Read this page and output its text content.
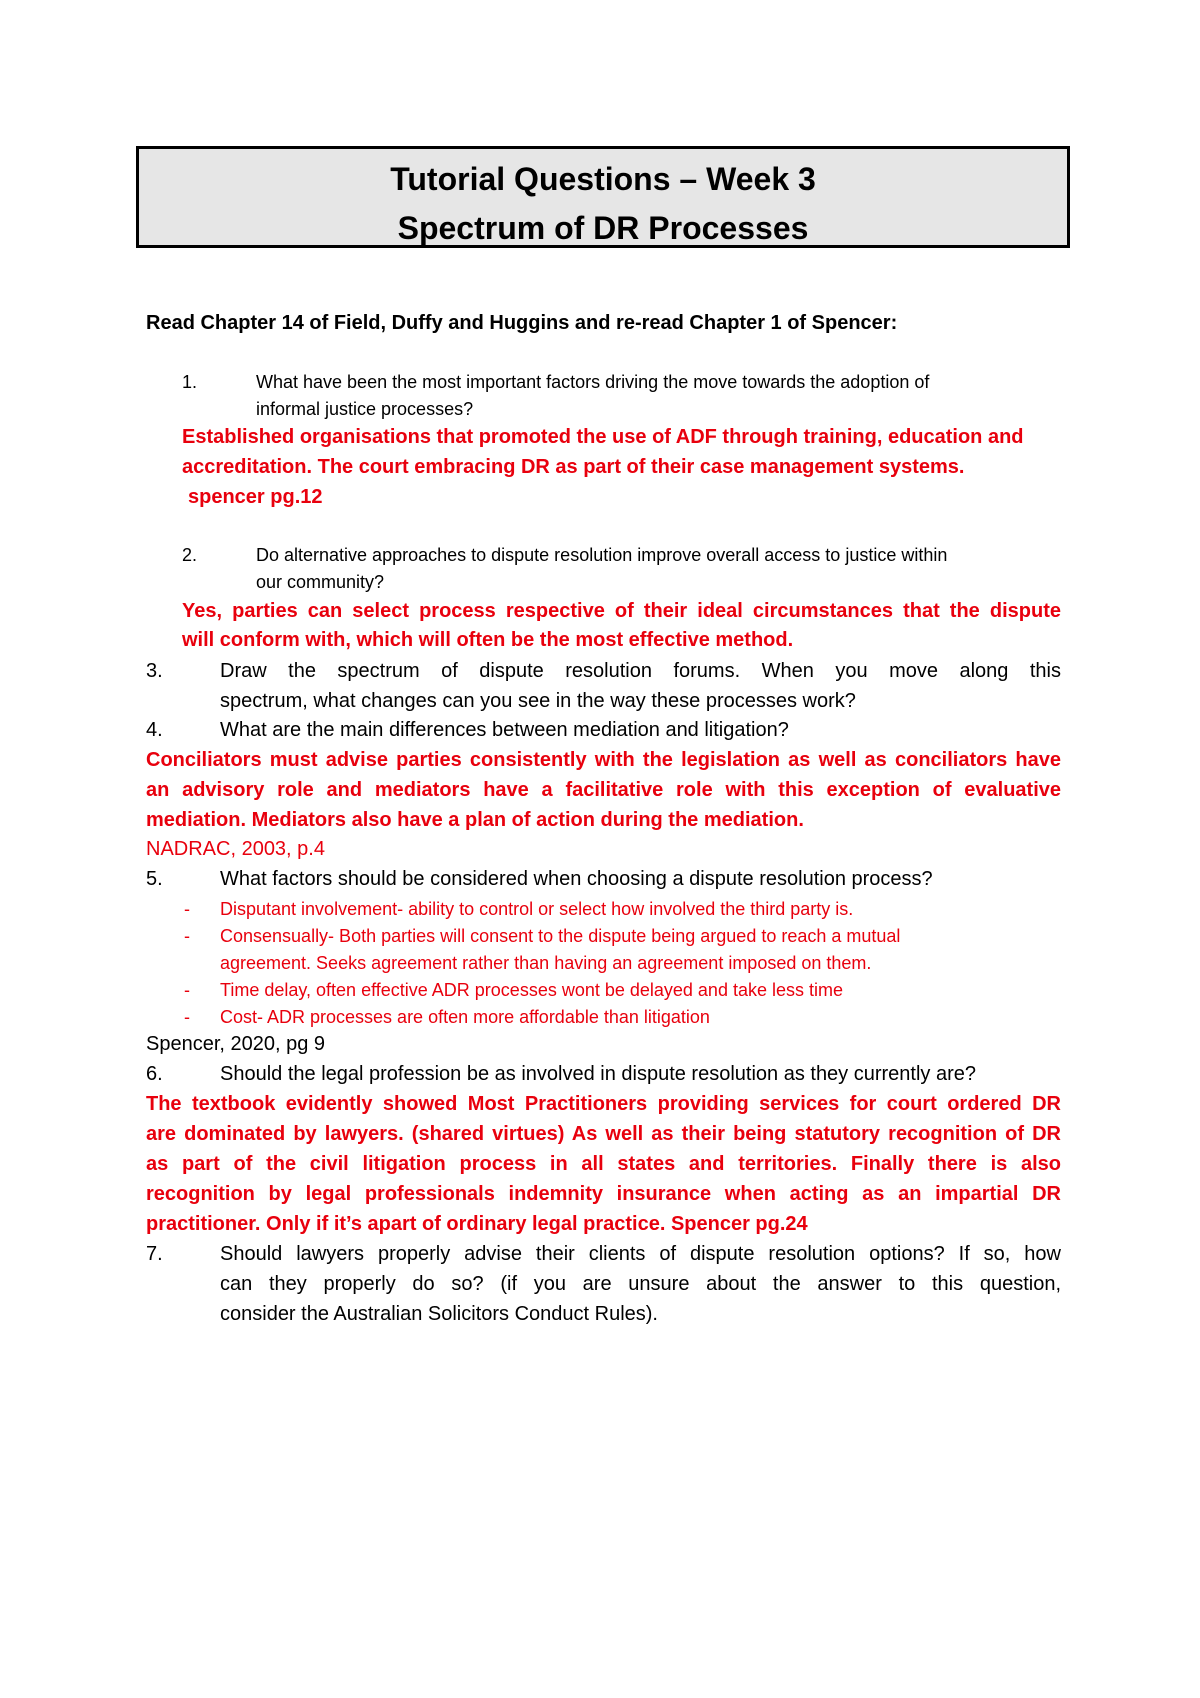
Tutorial Questions – Week 3
Spectrum of DR Processes
Read Chapter 14 of Field, Duffy and Huggins and re-read Chapter 1 of Spencer:
1.	What have been the most important factors driving the move towards the adoption of
informal justice processes?
Established organisations that promoted the use of ADF through training, education and
accreditation. The court embracing DR as part of their case management systems.
spencer pg.12
2.	Do alternative approaches to dispute resolution improve overall access to justice within
our community?
Yes, parties can select process respective of their ideal circumstances that the dispute
will conform with, which will often be the most effective method.
3.	Draw the spectrum of dispute resolution forums. When you move along this
spectrum, what changes can you see in the way these processes work?
4.	What are the main differences between mediation and litigation?
Conciliators must advise parties consistently with the legislation as well as conciliators have
an advisory role and mediators have a facilitative role with this exception of evaluative
mediation. Mediators also have a plan of action during the mediation.
NADRAC, 2003, p.4
5.	What factors should be considered when choosing a dispute resolution process?
- Disputant involvement- ability to control or select how involved the third party is.
- Consensually- Both parties will consent to the dispute being argued to reach a mutual
agreement. Seeks agreement rather than having an agreement imposed on them.
- Time delay, often effective ADR processes wont be delayed and take less time
- Cost- ADR processes are often more affordable than litigation
Spencer, 2020, pg 9
6.	Should the legal profession be as involved in dispute resolution as they currently are?
The textbook evidently showed Most Practitioners providing services for court ordered DR
are dominated by lawyers. (shared virtues) As well as their being statutory recognition of DR
as part of the civil litigation process in all states and territories. Finally there is also
recognition by legal professionals indemnity insurance when acting as an impartial DR
practitioner. Only if it’s apart of ordinary legal practice. Spencer pg.24
7.	Should lawyers properly advise their clients of dispute resolution options? If so, how
can they properly do so? (if you are unsure about the answer to this question,
consider the Australian Solicitors Conduct Rules).
